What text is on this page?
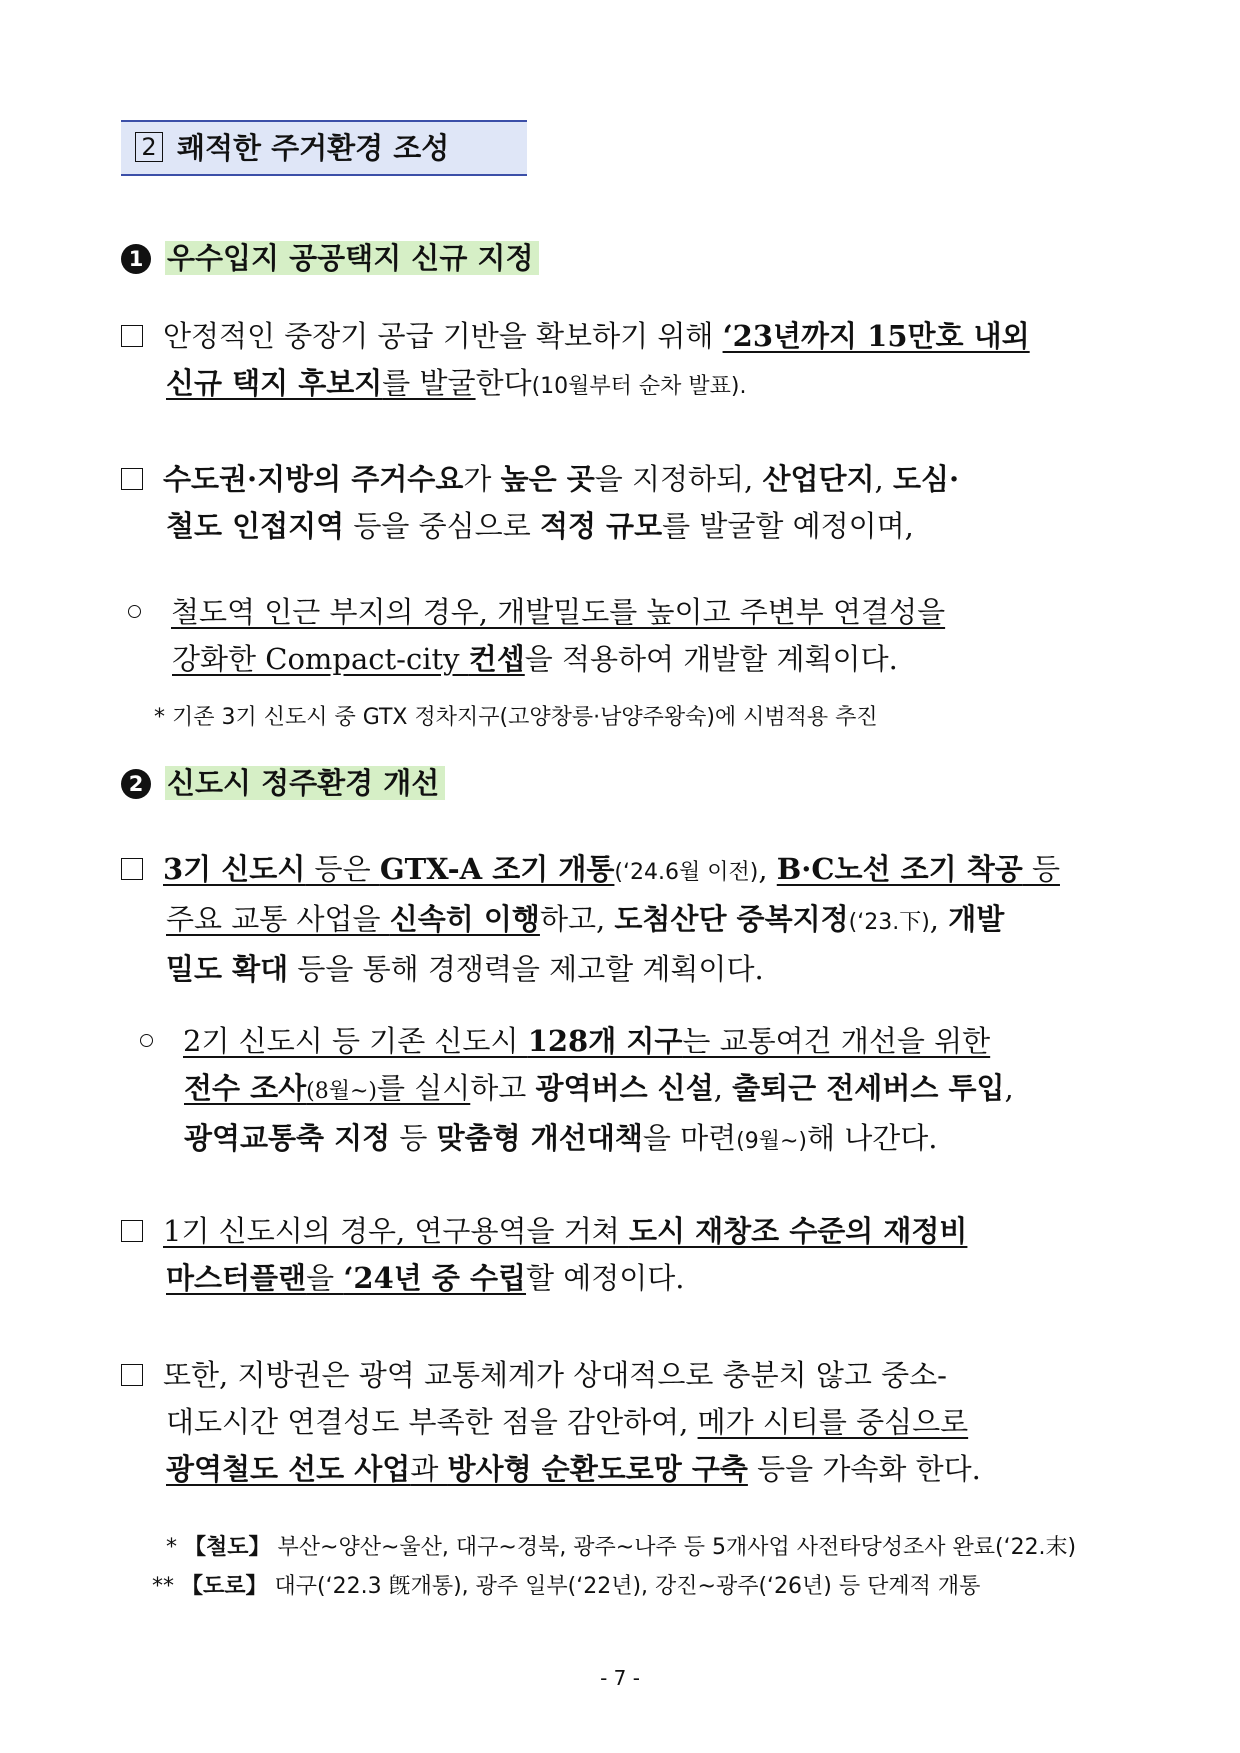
2 쾌적한 주거환경 조성
1 우수입지 공공택지 신규 지정
안정적인 중장기 공급 기반을 확보하기 위해 ‘23년까지 15만호 내외
신규 택지 후보지를 발굴한다(10월부터 순차 발표).
수도권·지방의 주거수요가 높은 곳을 지정하되, 산업단지, 도심·
철도 인접지역 등을 중심으로 적정 규모를 발굴할 예정이며,
철도역 인근 부지의 경우, 개발밀도를 높이고 주변부 연결성을
강화한 Compact-city 컨셉을 적용하여 개발할 계획이다.
* 기존 3기 신도시 중 GTX 정차지구(고양창릉·남양주왕숙)에 시범적용 추진
2 신도시 정주환경 개선
3기 신도시 등은 GTX-A 조기 개통(‘24.6월 이전), B·C노선 조기 착공 등
주요 교통 사업을 신속히 이행하고, 도첨산단 중복지정(‘23.下), 개발
밀도 확대 등을 통해 경쟁력을 제고할 계획이다.
2기 신도시 등 기존 신도시 128개 지구는 교통여건 개선을 위한
전수 조사(8월~)를 실시하고 광역버스 신설, 출퇴근 전세버스 투입,
광역교통축 지정 등 맞춤형 개선대책을 마련(9월~)해 나간다.
1기 신도시의 경우, 연구용역을 거쳐 도시 재창조 수준의 재정비
마스터플랜을 ‘24년 중 수립할 예정이다.
또한, 지방권은 광역 교통체계가 상대적으로 충분치 않고 중소-
대도시간 연결성도 부족한 점을 감안하여, 메가 시티를 중심으로
광역철도 선도 사업과 방사형 순환도로망 구축 등을 가속화 한다.
* 【철도】 부산~양산~울산, 대구~경북, 광주~나주 등 5개사업 사전타당성조사 완료(‘22.末)
** 【도로】 대구(‘22.3 旣개통), 광주 일부(‘22년), 강진~광주(‘26년) 등 단계적 개통
- 7 -
